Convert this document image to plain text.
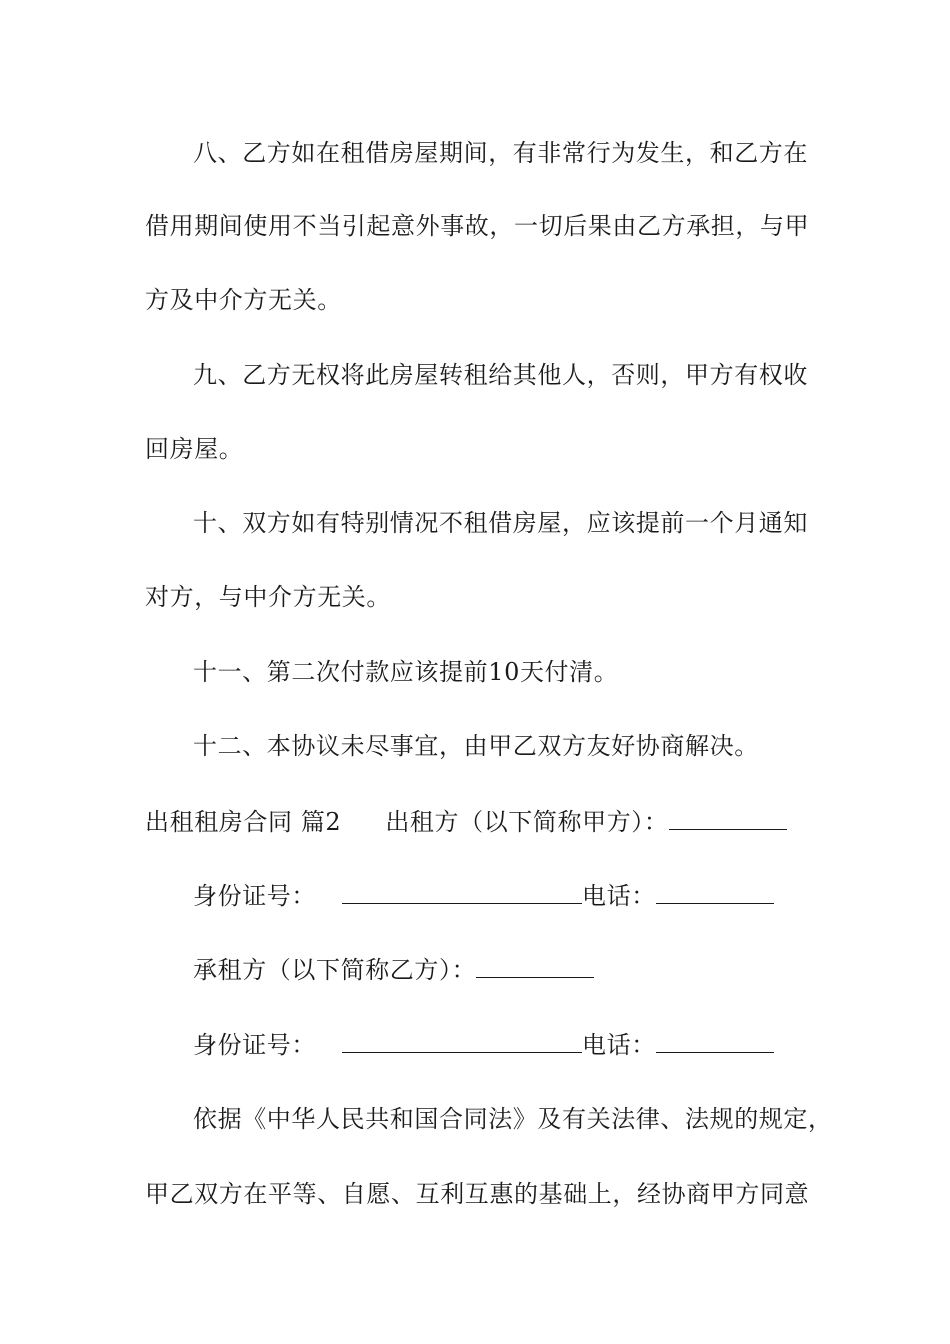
八、乙方如在租借房屋期间，有非常行为发生，和乙方在
借用期间使用不当引起意外事故，一切后果由乙方承担，与甲
方及中介方无关。
九、乙方无权将此房屋转租给其他人，否则，甲方有权收
回房屋。
十、双方如有特别情况不租借房屋，应该提前一个月通知
对方，与中介方无关。
十一、第二次付款应该提前10天付清。
十二、本协议未尽事宜，由甲乙双方友好协商解决。
出租租房合同 篇2 出租方（以下简称甲方）：
身份证号：	电话：
承租方（以下简称乙方）：
身份证号：	电话：
依据《中华人民共和国合同法》及有关法律、法规的规定，
甲乙双方在平等、自愿、互利互惠的基础上，经协商甲方同意
